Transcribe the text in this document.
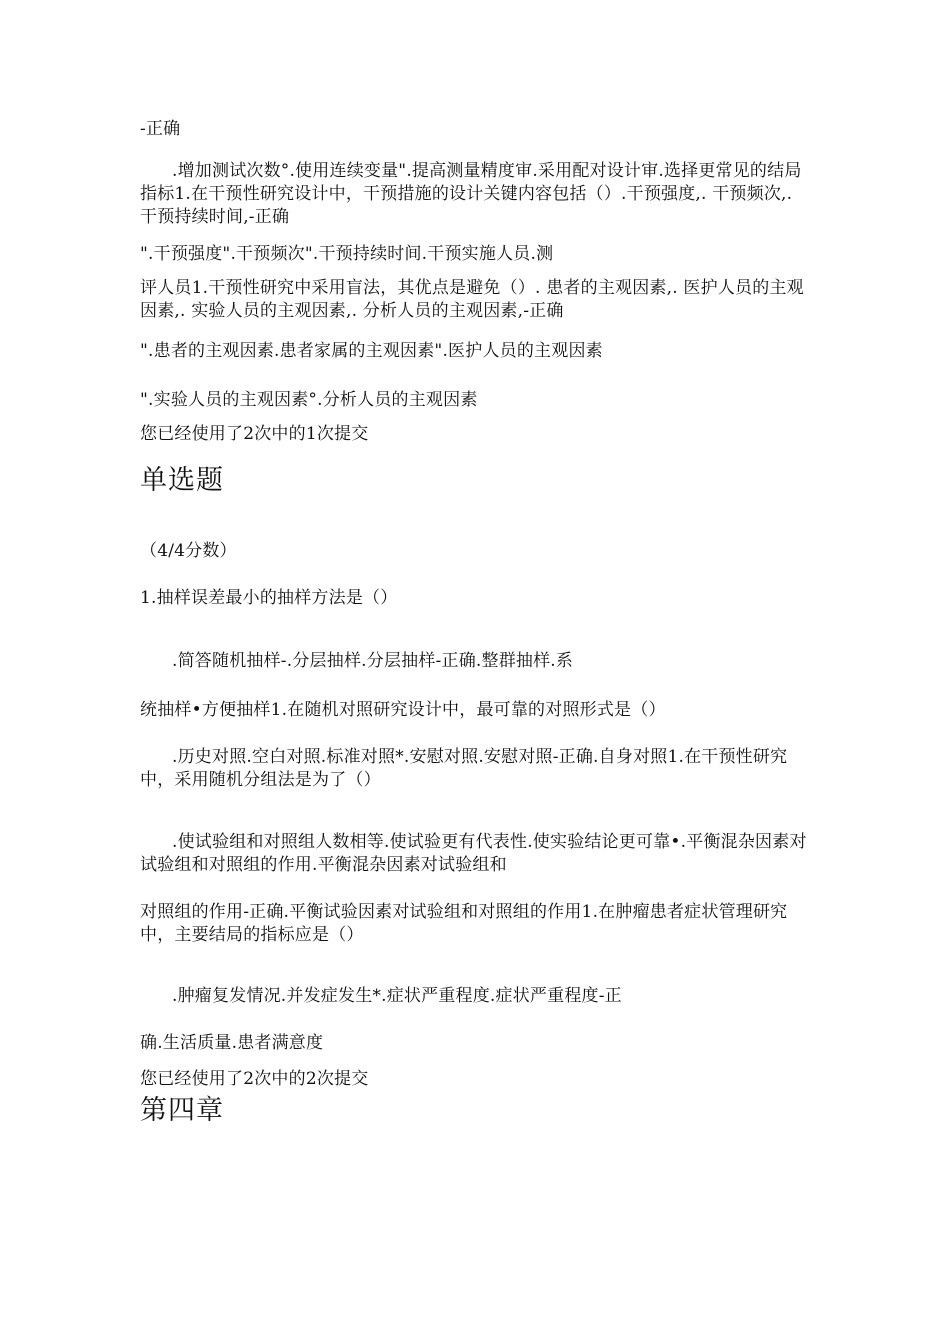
-正确
.增加测试次数°.使用连续变量".提高测量精度审.采用配对设计审.选择更常见的结局指标1.在干预性研究设计中，干预措施的设计关键内容包括（）.干预强度,. 干预频次,. 干预持续时间,-正确
".干预强度".干预频次".干预持续时间.干预实施人员.测
评人员1.干预性研究中采用盲法，其优点是避免（）. 患者的主观因素,. 医护人员的主观因素,. 实验人员的主观因素,. 分析人员的主观因素,-正确
".患者的主观因素.患者家属的主观因素".医护人员的主观因素
".实验人员的主观因素°.分析人员的主观因素
您已经使用了2次中的1次提交
单选题
（4/4分数）
1.抽样误差最小的抽样方法是（）
.简答随机抽样-.分层抽样.分层抽样-正确.整群抽样.系
统抽样•方便抽样1.在随机对照研究设计中，最可靠的对照形式是（）
.历史对照.空白对照.标准对照*.安慰对照.安慰对照-正确.自身对照1.在干预性研究中，采用随机分组法是为了（）
.使试验组和对照组人数相等.使试验更有代表性.使实验结论更可靠•.平衡混杂因素对试验组和对照组的作用.平衡混杂因素对试验组和
对照组的作用-正确.平衡试验因素对试验组和对照组的作用1.在肿瘤患者症状管理研究中，主要结局的指标应是（）
.肿瘤复发情况.并发症发生*.症状严重程度.症状严重程度-正
确.生活质量.患者满意度
您已经使用了2次中的2次提交
第四章
